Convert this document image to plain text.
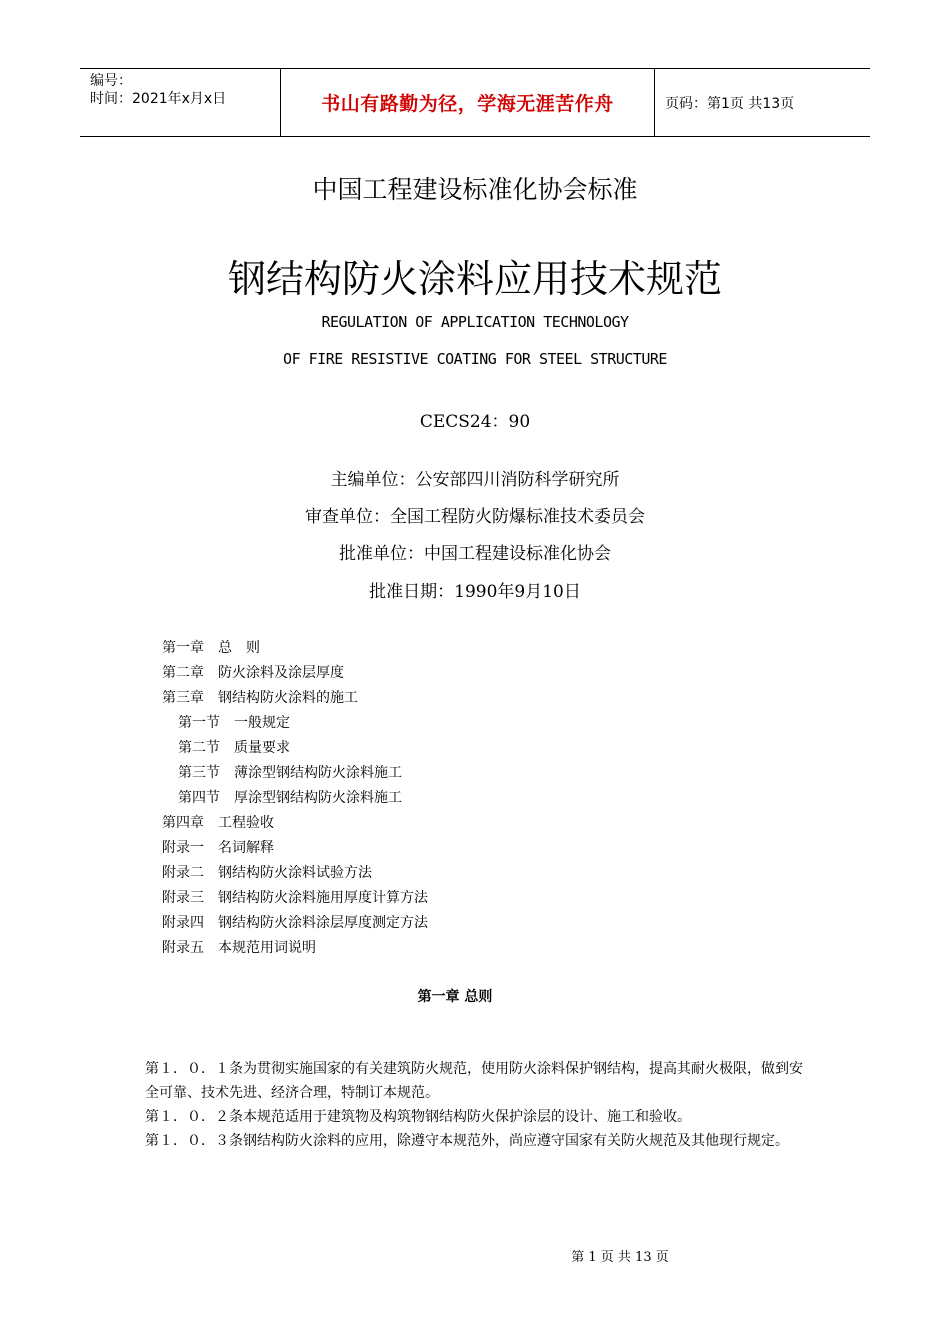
编号：
时间：2021年x月x日	书山有路勤为径，学海无涯苦作舟	页码：第1页 共13页
中国工程建设标准化协会标准
钢结构防火涂料应用技术规范
REGULATION OF APPLICATION TECHNOLOGY
OF FIRE RESISTIVE COATING FOR STEEL STRUCTURE
CECS24：90
主编单位：公安部四川消防科学研究所
审查单位：全国工程防火防爆标准技术委员会
批准单位：中国工程建设标准化协会
批准日期：1990年9月10日
第一章　总　则
第二章　防火涂料及涂层厚度
第三章　钢结构防火涂料的施工
第一节　一般规定
第二节　质量要求
第三节　薄涂型钢结构防火涂料施工
第四节　厚涂型钢结构防火涂料施工
第四章　工程验收
附录一　名词解释
附录二　钢结构防火涂料试验方法
附录三　钢结构防火涂料施用厚度计算方法
附录四　钢结构防火涂料涂层厚度测定方法
附录五　本规范用词说明
第一章 总则

第１．０．１条为贯彻实施国家的有关建筑防火规范，使用防火涂料保护钢结构，提高其耐火极限，做到安全可靠、技术先进、经济合理，特制订本规范。

第１．０．２条本规范适用于建筑物及构筑物钢结构防火保护涂层的设计、施工和验收。

第１．０．３条钢结构防火涂料的应用，除遵守本规范外，尚应遵守国家有关防火规范及其他现行规定。

第 1 页 共 13 页
